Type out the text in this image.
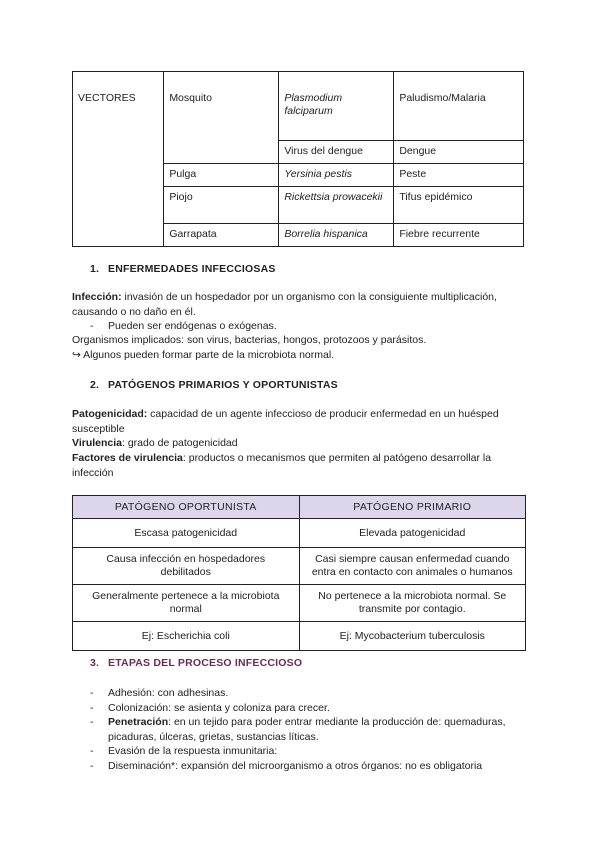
VECTORES	Mosquito	Plasmodium falciparum	Paludismo/Malaria
		Virus del dengue	Dengue
	Pulga	Yersinia pestis	Peste
	Piojo	Rickettsia prowacekii	Tifus epidémico
	Garrapata	Borrelia hispanica	Fiebre recurrente
1. ENFERMEDADES INFECCIOSAS
Infección: invasión de un hospedador por un organismo con la consiguiente multiplicación, causando o no daño en él.
- Pueden ser endógenas o exógenas.
Organismos implicados: son virus, bacterias, hongos, protozoos y parásitos.
↪ Algunos pueden formar parte de la microbiota normal.
2. PATÓGENOS PRIMARIOS Y OPORTUNISTAS
Patogenicidad: capacidad de un agente infeccioso de producir enfermedad en un huésped susceptible
Virulencia: grado de patogenicidad
Factores de virulencia: productos o mecanismos que permiten al patógeno desarrollar la infección
PATÓGENO OPORTUNISTA	PATÓGENO PRIMARIO
Escasa patogenicidad	Elevada patogenicidad
Causa infección en hospedadores debilitados	Casi siempre causan enfermedad cuando entra en contacto con animales o humanos
Generalmente pertenece a la microbiota normal	No pertenece a la microbiota normal. Se transmite por contagio.
Ej: Escherichia coli	Ej: Mycobacterium tuberculosis
3. ETAPAS DEL PROCESO INFECCIOSO
- Adhesión: con adhesinas.
- Colonización: se asienta y coloniza para crecer.
- Penetración: en un tejido para poder entrar mediante la producción de: quemaduras, picaduras, úlceras, grietas, sustancias líticas.
- Evasión de la respuesta inmunitaria:
- Diseminación*: expansión del microorganismo a otros órganos: no es obligatoria
